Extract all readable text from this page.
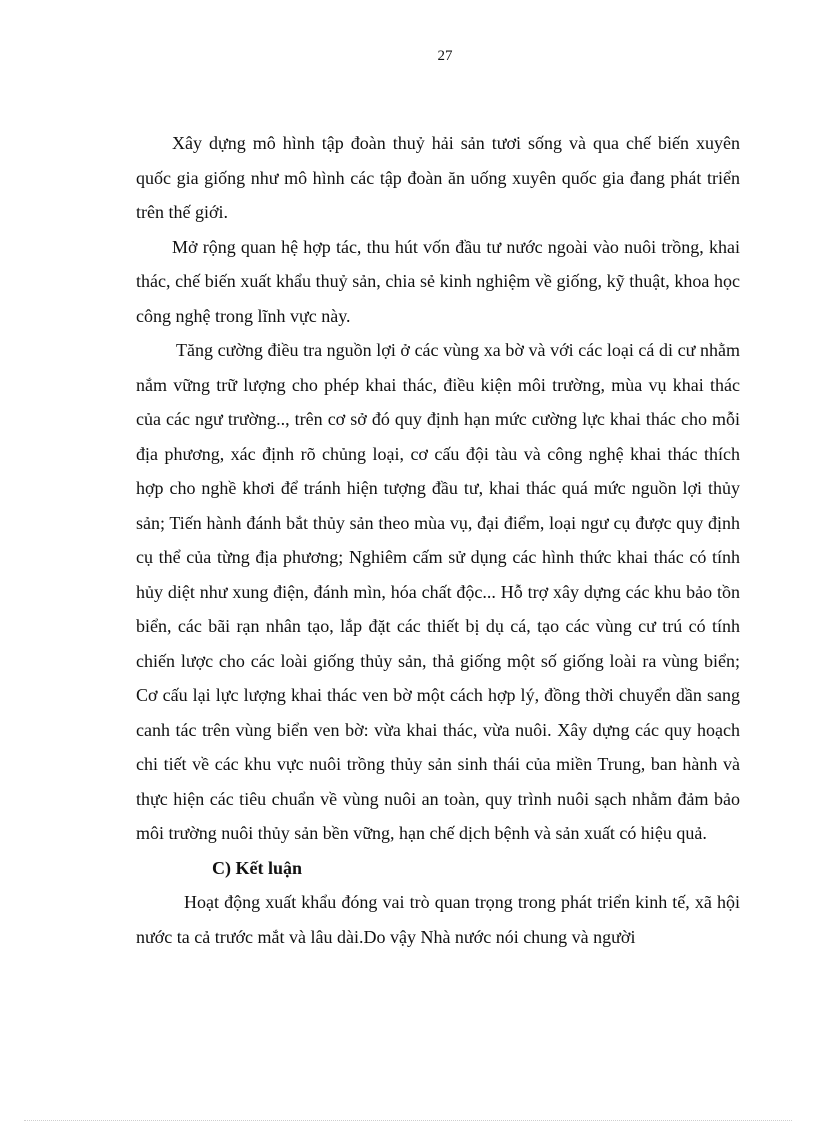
27

Xây dựng mô hình tập đoàn thuỷ hải sản tươi sống và qua chế biến xuyên quốc gia giống như mô hình các tập đoàn ăn uống xuyên quốc gia đang phát triển trên thế giới.

Mở rộng quan hệ hợp tác, thu hút vốn đầu tư nước ngoài vào nuôi trồng, khai thác, chế biến xuất khẩu thuỷ sản, chia sẻ kinh nghiệm về giống, kỹ thuật, khoa học công nghệ trong lĩnh vực này.

Tăng cường điều tra nguồn lợi ở các vùng xa bờ và với các loại cá di cư nhằm nắm vững trữ lượng cho phép khai thác, điều kiện môi trường, mùa vụ khai thác của các ngư trường.., trên cơ sở đó quy định hạn mức cường lực khai thác cho mỗi địa phương, xác định rõ chủng loại, cơ cấu đội tàu và công nghệ khai thác thích hợp cho nghề khơi để tránh hiện tượng đầu tư, khai thác quá mức nguồn lợi thủy sản; Tiến hành đánh bắt thủy sản theo mùa vụ, đại điểm, loại ngư cụ được quy định cụ thể của từng địa phương; Nghiêm cấm sử dụng các hình thức khai thác có tính hủy diệt như xung điện, đánh mìn, hóa chất độc... Hỗ trợ xây dựng các khu bảo tồn biển, các bãi rạn nhân tạo, lắp đặt các thiết bị dụ cá, tạo các vùng cư trú có tính chiến lược cho các loài giống thủy sản, thả giống một số giống loài ra vùng biển; Cơ cấu lại lực lượng khai thác ven bờ một cách hợp lý, đồng thời chuyển dần sang canh tác trên vùng biển ven bờ: vừa khai thác, vừa nuôi. Xây dựng các quy hoạch chi tiết về các khu vực nuôi trồng thủy sản sinh thái của miền Trung, ban hành và thực hiện các tiêu chuẩn về vùng nuôi an toàn, quy trình nuôi sạch nhằm đảm bảo môi trường nuôi thủy sản bền vững, hạn chế dịch bệnh và sản xuất có hiệu quả.

C) Kết luận

Hoạt động xuất khẩu đóng vai trò quan trọng trong phát triển kinh tế, xã hội nước ta cả trước mắt và lâu dài.Do vậy Nhà nước nói chung và người
